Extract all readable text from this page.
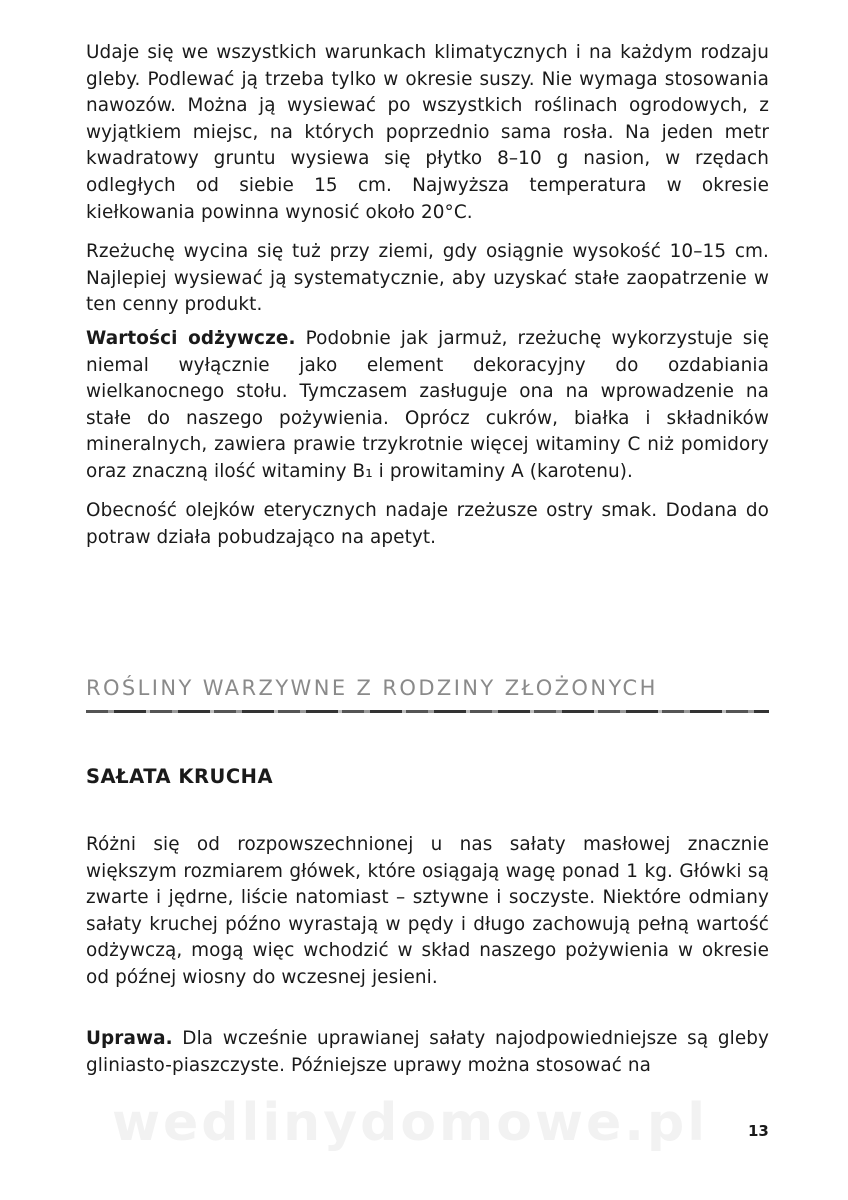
wedlinydomowe.pl

Udaje się we wszystkich warunkach klimatycznych i na każdym rodzaju gleby. Podlewać ją trzeba tylko w okresie suszy. Nie wymaga stosowania nawozów. Można ją wysiewać po wszystkich roślinach ogrodowych, z wyjątkiem miejsc, na których poprzednio sama rosła. Na jeden metr kwadratowy gruntu wysiewa się płytko 8–10 g nasion, w rzędach odległych od siebie 15 cm. Najwyższa temperatura w okresie kiełkowania powinna wynosić około 20°C.

Rzeżuchę wycina się tuż przy ziemi, gdy osiągnie wysokość 10–15 cm. Najlepiej wysiewać ją systematycznie, aby uzyskać stałe zaopatrzenie w ten cenny produkt.

Wartości odżywcze. Podobnie jak jarmuż, rzeżuchę wykorzystuje się niemal wyłącznie jako element dekoracyjny do ozdabiania wielkanocnego stołu. Tymczasem zasługuje ona na wprowadzenie na stałe do naszego pożywienia. Oprócz cukrów, białka i składników mineralnych, zawiera prawie trzykrotnie więcej witaminy C niż pomidory oraz znaczną ilość witaminy B₁ i prowitaminy A (karotenu).

Obecność olejków eterycznych nadaje rzeżusze ostry smak. Dodana do potraw działa pobudzająco na apetyt.

ROŚLINY WARZYWNE Z RODZINY ZŁOŻONYCH
SAŁATA KRUCHA

Różni się od rozpowszechnionej u nas sałaty masłowej znacznie większym rozmiarem główek, które osiągają wagę ponad 1 kg. Główki są zwarte i jędrne, liście natomiast – sztywne i soczyste. Niektóre odmiany sałaty kruchej późno wyrastają w pędy i długo zachowują pełną wartość odżywczą, mogą więc wchodzić w skład naszego pożywienia w okresie od późnej wiosny do wczesnej jesieni.

Uprawa. Dla wcześnie uprawianej sałaty najodpowiedniejsze są gleby gliniasto-piaszczyste. Późniejsze uprawy można stosować na

13
